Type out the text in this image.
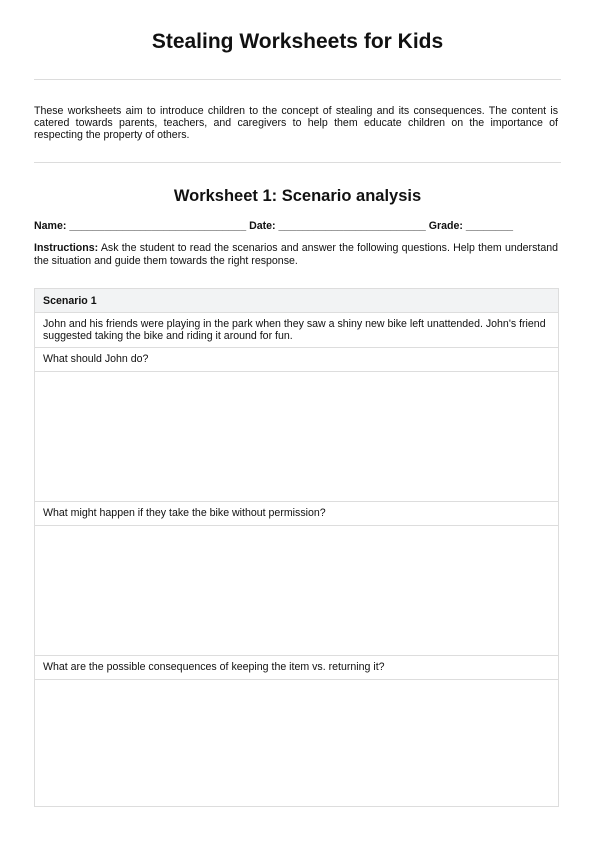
Stealing Worksheets for Kids

These worksheets aim to introduce children to the concept of stealing and its consequences. The content is catered towards parents, teachers, and caregivers to help them educate children on the importance of respecting the property of others.

Worksheet 1: Scenario analysis
Name: ______________________________ Date: _________________________ Grade: ________

Instructions: Ask the student to read the scenarios and answer the following questions. Help them understand the situation and guide them towards the right response.

Scenario 1
John and his friends were playing in the park when they saw a shiny new bike left unattended. John's friend suggested taking the bike and riding it around for fun.
What should John do?
What might happen if they take the bike without permission?
What are the possible consequences of keeping the item vs. returning it?
